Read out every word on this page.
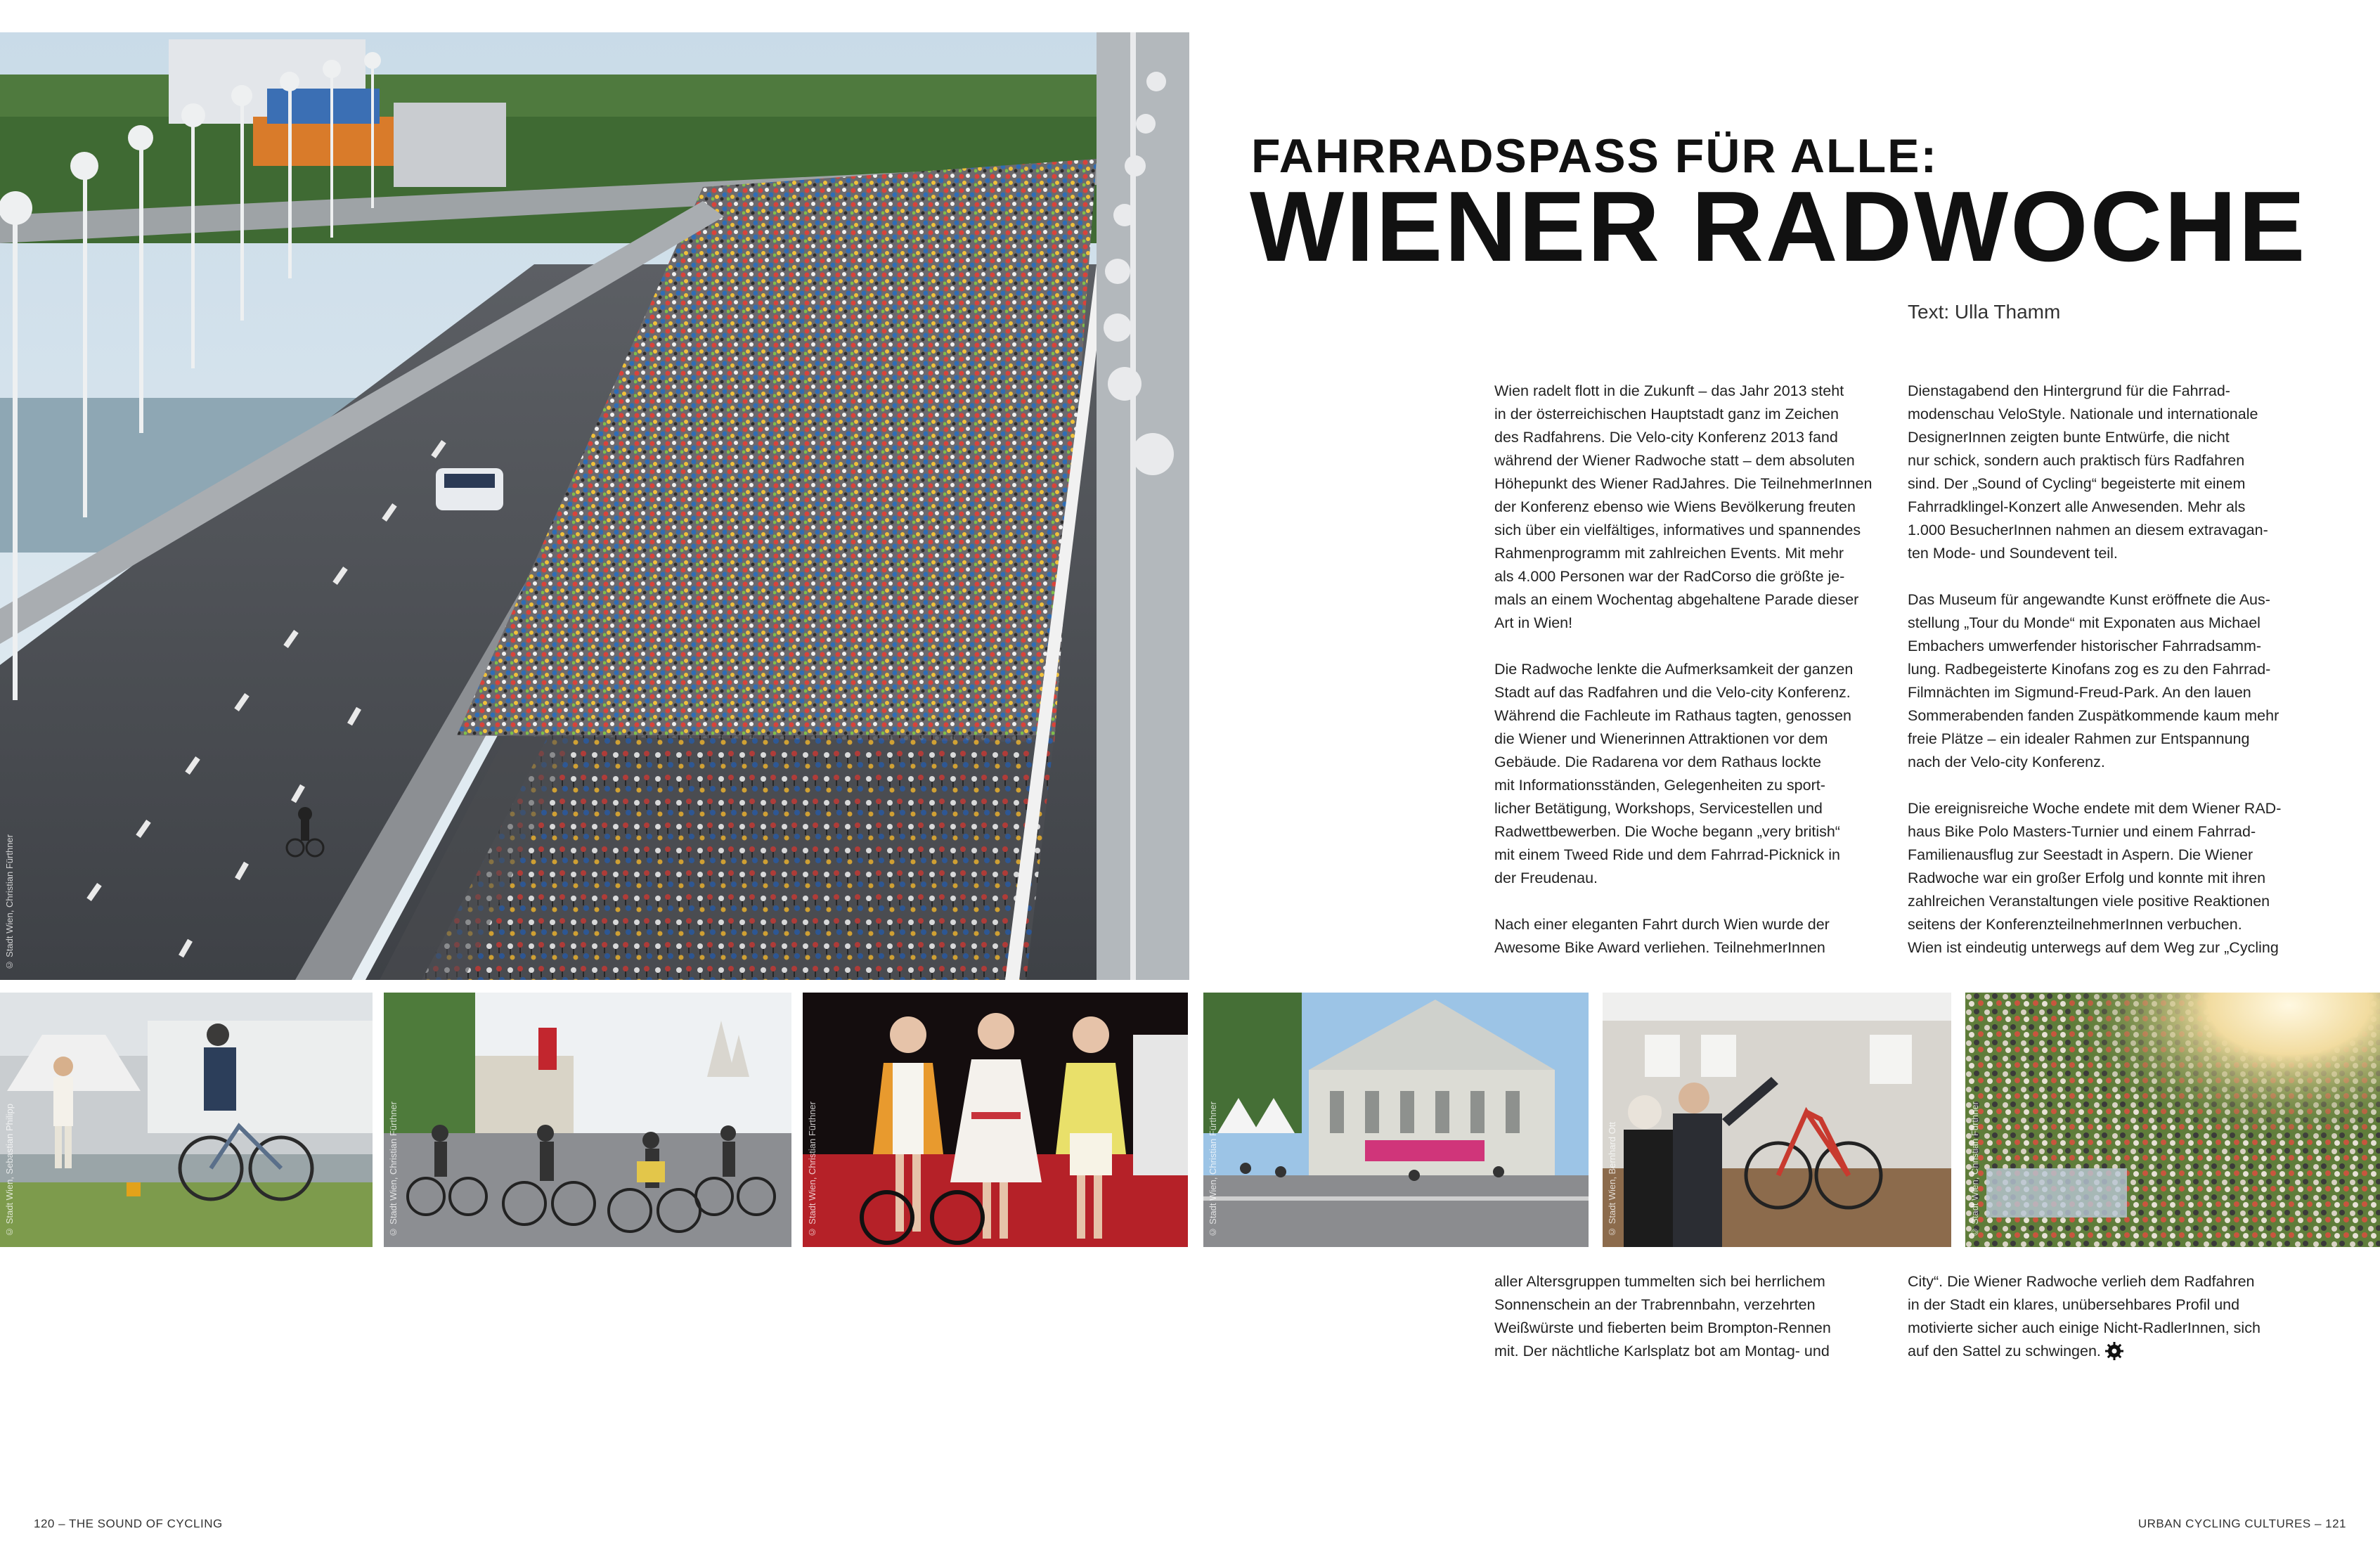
© Stadt Wien, Christian Fürthner
FAHRRADSPASS FÜR ALLE:
WIENER RADWOCHE
Text: Ulla Thamm

Wien radelt flott in die Zukunft – das Jahr 2013 steht
in der österreichischen Hauptstadt ganz im Zeichen
des Radfahrens. Die Velo-city Konferenz 2013 fand
während der Wiener Radwoche statt – dem absoluten
Höhepunkt des Wiener RadJahres. Die TeilnehmerInnen
der Konferenz ebenso wie Wiens Bevölkerung freuten
sich über ein vielfältiges, informatives und spannendes
Rahmenprogramm mit zahlreichen Events. Mit mehr
als 4.000 Personen war der RadCorso die größte je-
mals an einem Wochentag abgehaltene Parade dieser
Art in Wien!

Die Radwoche lenkte die Aufmerksamkeit der ganzen
Stadt auf das Radfahren und die Velo-city Konferenz.
Während die Fachleute im Rathaus tagten, genossen
die Wiener und Wienerinnen Attraktionen vor dem
Gebäude. Die Radarena vor dem Rathaus lockte
mit Informationsständen, Gelegenheiten zu sport-
licher Betätigung, Workshops, Servicestellen und
Radwettbewerben. Die Woche begann „very british“
mit einem Tweed Ride und dem Fahrrad-Picknick in
der Freudenau.

Nach einer eleganten Fahrt durch Wien wurde der
Awesome Bike Award verliehen. TeilnehmerInnen

Dienstagabend den Hintergrund für die Fahrrad-
modenschau VeloStyle. Nationale und internationale
DesignerInnen zeigten bunte Entwürfe, die nicht
nur schick, sondern auch praktisch fürs Radfahren
sind. Der „Sound of Cycling“ begeisterte mit einem
Fahrradklingel-Konzert alle Anwesenden. Mehr als
1.000 BesucherInnen nahmen an diesem extravagan-
ten Mode- und Soundevent teil.

Das Museum für angewandte Kunst eröffnete die Aus-
stellung „Tour du Monde“ mit Exponaten aus Michael
Embachers umwerfender historischer Fahrradsamm-
lung. Radbegeisterte Kinofans zog es zu den Fahrrad-
Filmnächten im Sigmund-Freud-Park. An den lauen
Sommerabenden fanden Zuspätkommende kaum mehr
freie Plätze – ein idealer Rahmen zur Entspannung
nach der Velo-city Konferenz.

Die ereignisreiche Woche endete mit dem Wiener RAD-
haus Bike Polo Masters-Turnier und einem Fahrrad-
Familienausflug zur Seestadt in Aspern. Die Wiener
Radwoche war ein großer Erfolg und konnte mit ihren
zahlreichen Veranstaltungen viele positive Reaktionen
seitens der KonferenzteilnehmerInnen verbuchen.
Wien ist eindeutig unterwegs auf dem Weg zur „Cycling

© Stadt Wien, Sebastian Philipp	© Stadt Wien, Christian Fürthner	© Stadt Wien, Christian Fürthner	© Stadt Wien, Christian Fürthner	© Stadt Wien, Bernhard Ott	© Stadt Wien, Christian Fürthner

aller Altersgruppen tummelten sich bei herrlichem
Sonnenschein an der Trabrennbahn, verzehrten
Weißwürste und fieberten beim Brompton-Rennen
mit. Der nächtliche Karlsplatz bot am Montag- und

City“. Die Wiener Radwoche verlieh dem Radfahren
in der Stadt ein klares, unübersehbares Profil und
motivierte sicher auch einige Nicht-RadlerInnen, sich
auf den Sattel zu schwingen.

120 – THE SOUND OF CYCLING	URBAN CYCLING CULTURES – 121
